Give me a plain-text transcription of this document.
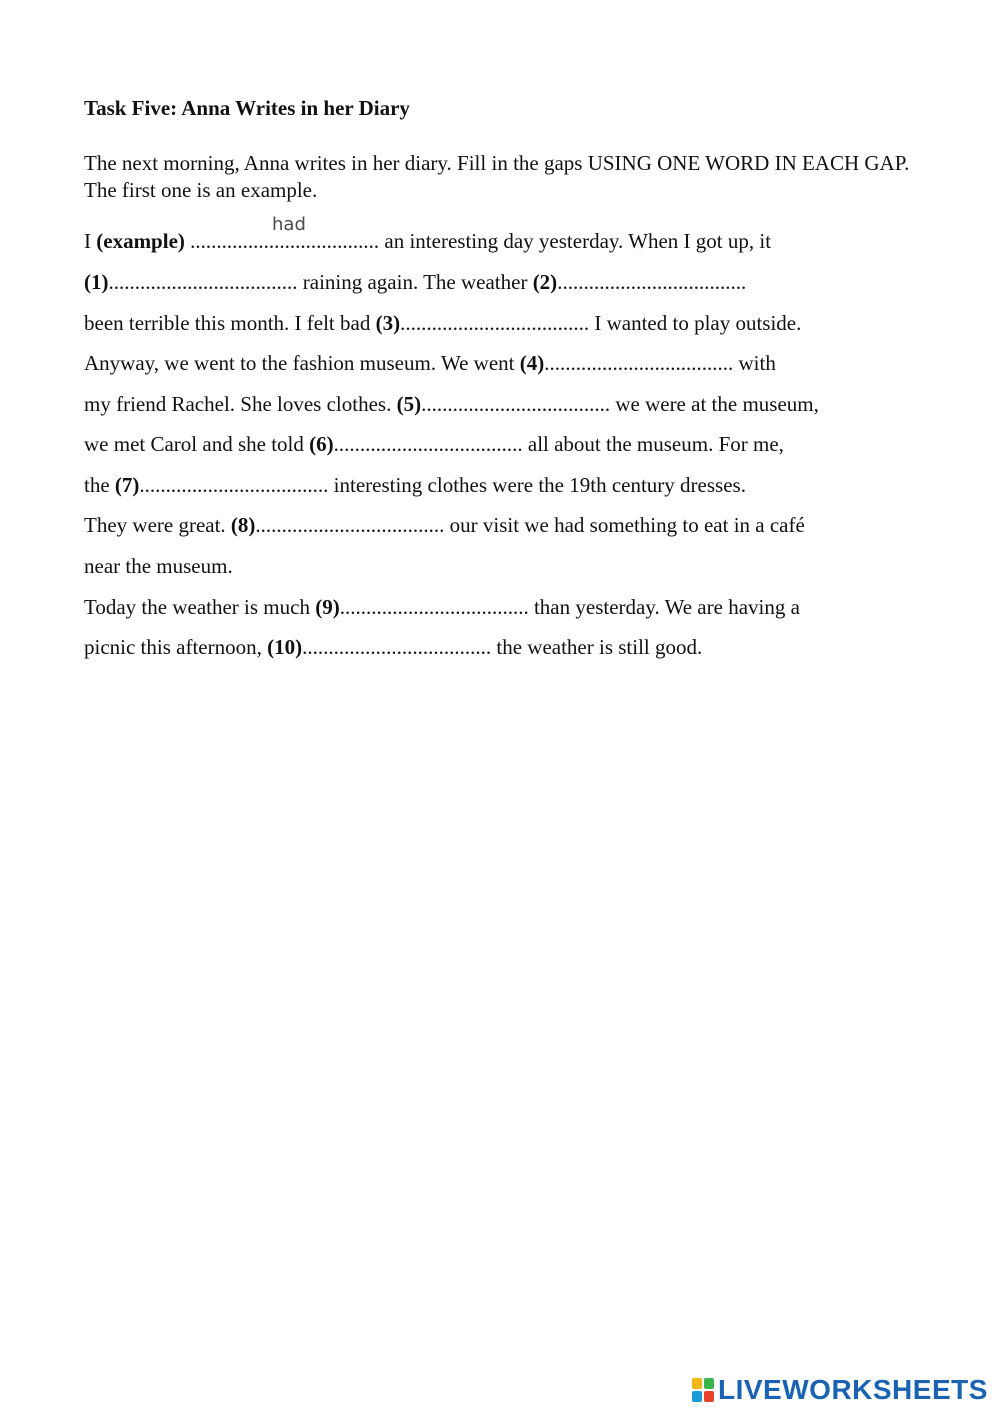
Task Five: Anna Writes in her Diary
The next morning, Anna writes in her diary. Fill in the gaps USING ONE WORD IN EACH GAP. The first one is an example.
had
I (example) .................................... an interesting day yesterday. When I got up, it
(1).................................... raining again. The weather (2)....................................
been terrible this month. I felt bad (3).................................... I wanted to play outside.
Anyway, we went to the fashion museum. We went (4).................................... with
my friend Rachel. She loves clothes. (5).................................... we were at the museum,
we met Carol and she told (6).................................... all about the museum. For me,
the (7).................................... interesting clothes were the 19th century dresses.
They were great. (8).................................... our visit we had something to eat in a café
near the museum.
Today the weather is much (9).................................... than yesterday. We are having a
picnic this afternoon, (10).................................... the weather is still good.
LIVEWORKSHEETS
